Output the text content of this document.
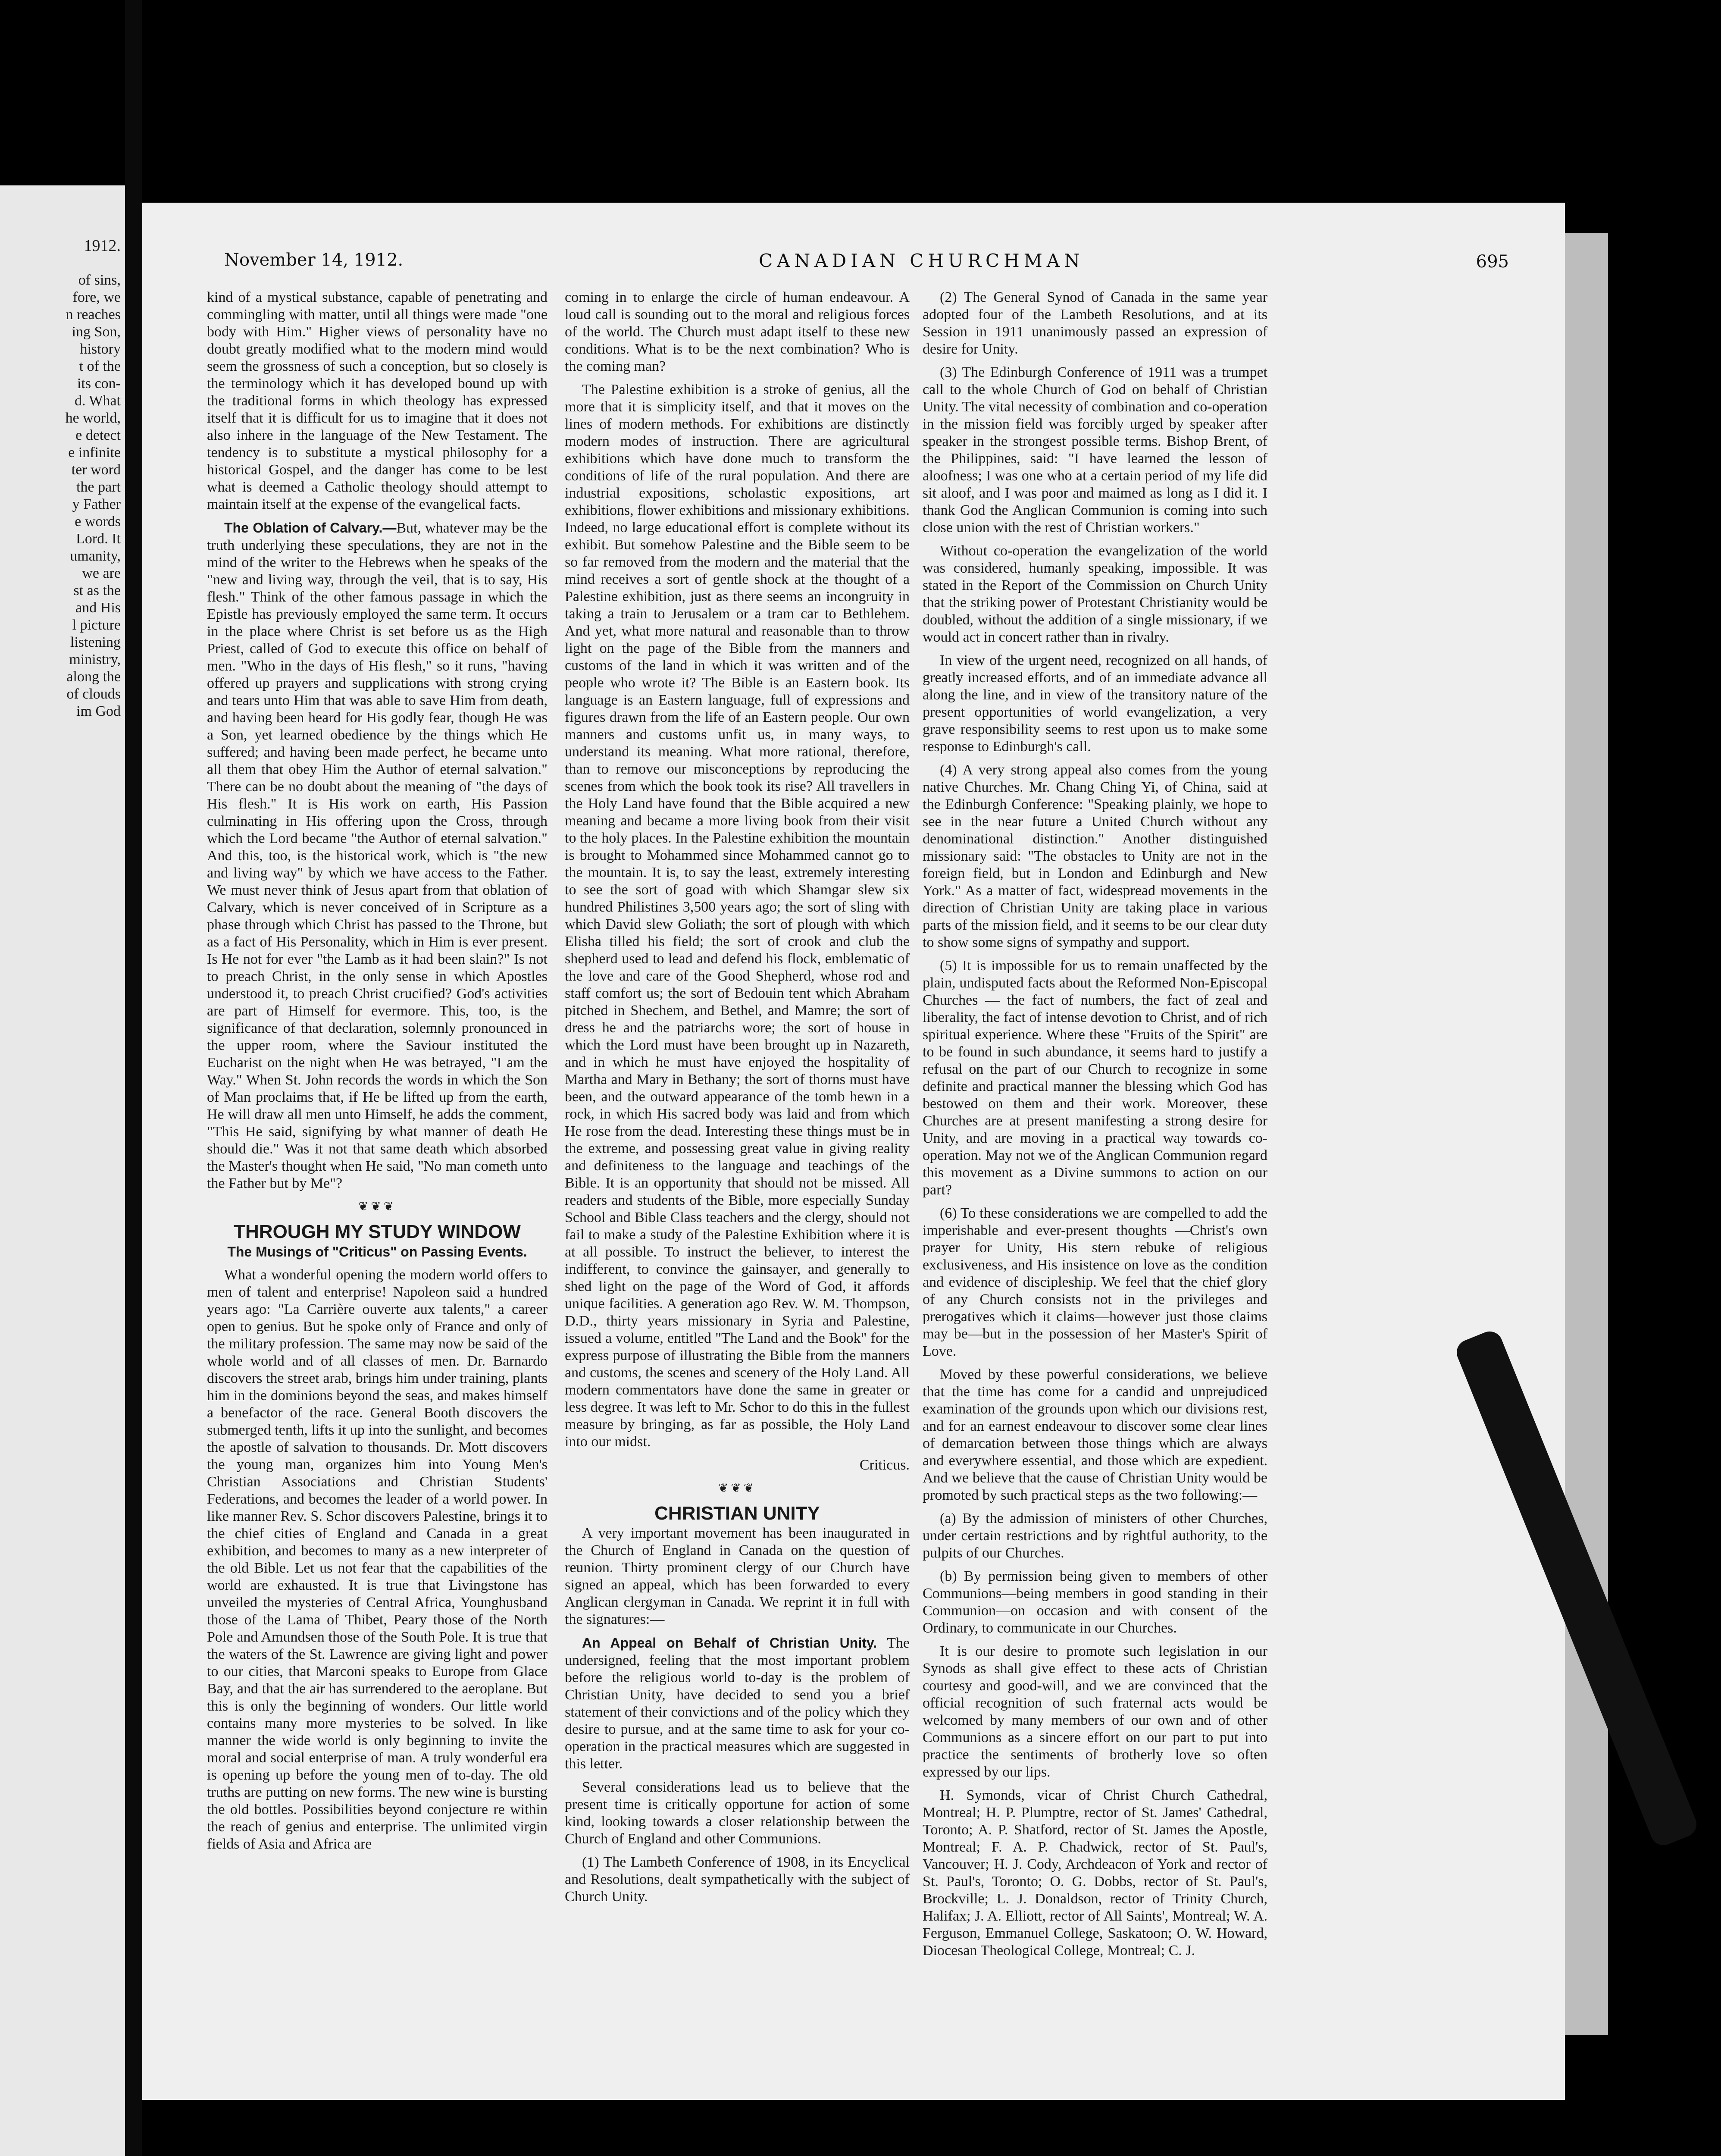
1912.
of sins,
fore, we
n reaches
ing Son,
history
t of the
its con-
d. What
he world,
e detect
e infinite
ter word
the part
y Father
e words
Lord. It
umanity,
we are
st as the
and His
l picture
listening
ministry,
along the
of clouds
im God
November 14, 1912.	CANADIAN CHURCHMAN	695

kind of a mystical substance, capable of penetrating and commingling with matter, until all things were made "one body with Him." Higher views of personality have no doubt greatly modified what to the modern mind would seem the grossness of such a conception, but so closely is the terminology which it has developed bound up with the traditional forms in which theology has expressed itself that it is difficult for us to imagine that it does not also inhere in the language of the New Testament. The tendency is to substitute a mystical philosophy for a historical Gospel, and the danger has come to be lest what is deemed a Catholic theology should attempt to maintain itself at the expense of the evangelical facts.

The Oblation of Calvary.—But, whatever may be the truth underlying these speculations, they are not in the mind of the writer to the Hebrews when he speaks of the "new and living way, through the veil, that is to say, His flesh." Think of the other famous passage in which the Epistle has previously employed the same term. It occurs in the place where Christ is set before us as the High Priest, called of God to execute this office on behalf of men. "Who in the days of His flesh," so it runs, "having offered up prayers and supplications with strong crying and tears unto Him that was able to save Him from death, and having been heard for His godly fear, though He was a Son, yet learned obedience by the things which He suffered; and having been made perfect, he became unto all them that obey Him the Author of eternal salvation." There can be no doubt about the meaning of "the days of His flesh." It is His work on earth, His Passion culminating in His offering upon the Cross, through which the Lord became "the Author of eternal salvation." And this, too, is the historical work, which is "the new and living way" by which we have access to the Father. We must never think of Jesus apart from that oblation of Calvary, which is never conceived of in Scripture as a phase through which Christ has passed to the Throne, but as a fact of His Personality, which in Him is ever present. Is He not for ever "the Lamb as it had been slain?" Is not to preach Christ, in the only sense in which Apostles understood it, to preach Christ crucified? God's activities are part of Himself for evermore. This, too, is the significance of that declaration, solemnly pronounced in the upper room, where the Saviour instituted the Eucharist on the night when He was betrayed, "I am the Way." When St. John records the words in which the Son of Man proclaims that, if He be lifted up from the earth, He will draw all men unto Himself, he adds the comment, "This He said, signifying by what manner of death He should die." Was it not that same death which absorbed the Master's thought when He said, "No man cometh unto the Father but by Me"?

❦❦❦
THROUGH MY STUDY WINDOW
The Musings of "Criticus" on Passing Events.

What a wonderful opening the modern world offers to men of talent and enterprise! Napoleon said a hundred years ago: "La Carrière ouverte aux talents," a career open to genius. But he spoke only of France and only of the military profession. The same may now be said of the whole world and of all classes of men. Dr. Barnardo discovers the street arab, brings him under training, plants him in the dominions beyond the seas, and makes himself a benefactor of the race. General Booth discovers the submerged tenth, lifts it up into the sunlight, and becomes the apostle of salvation to thousands. Dr. Mott discovers the young man, organizes him into Young Men's Christian Associations and Christian Students' Federations, and becomes the leader of a world power. In like manner Rev. S. Schor discovers Palestine, brings it to the chief cities of England and Canada in a great exhibition, and becomes to many as a new interpreter of the old Bible. Let us not fear that the capabilities of the world are exhausted. It is true that Livingstone has unveiled the mysteries of Central Africa, Younghusband those of the Lama of Thibet, Peary those of the North Pole and Amundsen those of the South Pole. It is true that the waters of the St. Lawrence are giving light and power to our cities, that Marconi speaks to Europe from Glace Bay, and that the air has surrendered to the aeroplane. But this is only the beginning of wonders. Our little world contains many more mysteries to be solved. In like manner the wide world is only beginning to invite the moral and social enterprise of man. A truly wonderful era is opening up before the young men of to-day. The old truths are putting on new forms. The new wine is bursting the old bottles. Possibilities beyond conjecture re within the reach of genius and enterprise. The unlimited virgin fields of Asia and Africa are

coming in to enlarge the circle of human endeavour. A loud call is sounding out to the moral and religious forces of the world. The Church must adapt itself to these new conditions. What is to be the next combination? Who is the coming man?

The Palestine exhibition is a stroke of genius, all the more that it is simplicity itself, and that it moves on the lines of modern methods. For exhibitions are distinctly modern modes of instruction. There are agricultural exhibitions which have done much to transform the conditions of life of the rural population. And there are industrial expositions, scholastic expositions, art exhibitions, flower exhibitions and missionary exhibitions. Indeed, no large educational effort is complete without its exhibit. But somehow Palestine and the Bible seem to be so far removed from the modern and the material that the mind receives a sort of gentle shock at the thought of a Palestine exhibition, just as there seems an incongruity in taking a train to Jerusalem or a tram car to Bethlehem. And yet, what more natural and reasonable than to throw light on the page of the Bible from the manners and customs of the land in which it was written and of the people who wrote it? The Bible is an Eastern book. Its language is an Eastern language, full of expressions and figures drawn from the life of an Eastern people. Our own manners and customs unfit us, in many ways, to understand its meaning. What more rational, therefore, than to remove our misconceptions by reproducing the scenes from which the book took its rise? All travellers in the Holy Land have found that the Bible acquired a new meaning and became a more living book from their visit to the holy places. In the Palestine exhibition the mountain is brought to Mohammed since Mohammed cannot go to the mountain. It is, to say the least, extremely interesting to see the sort of goad with which Shamgar slew six hundred Philistines 3,500 years ago; the sort of sling with which David slew Goliath; the sort of plough with which Elisha tilled his field; the sort of crook and club the shepherd used to lead and defend his flock, emblematic of the love and care of the Good Shepherd, whose rod and staff comfort us; the sort of Bedouin tent which Abraham pitched in Shechem, and Bethel, and Mamre; the sort of dress he and the patriarchs wore; the sort of house in which the Lord must have been brought up in Nazareth, and in which he must have enjoyed the hospitality of Martha and Mary in Bethany; the sort of thorns must have been, and the outward appearance of the tomb hewn in a rock, in which His sacred body was laid and from which He rose from the dead. Interesting these things must be in the extreme, and possessing great value in giving reality and definiteness to the language and teachings of the Bible. It is an opportunity that should not be missed. All readers and students of the Bible, more especially Sunday School and Bible Class teachers and the clergy, should not fail to make a study of the Palestine Exhibition where it is at all possible. To instruct the believer, to interest the indifferent, to convince the gainsayer, and generally to shed light on the page of the Word of God, it affords unique facilities. A generation ago Rev. W. M. Thompson, D.D., thirty years missionary in Syria and Palestine, issued a volume, entitled "The Land and the Book" for the express purpose of illustrating the Bible from the manners and customs, the scenes and scenery of the Holy Land. All modern commentators have done the same in greater or less degree. It was left to Mr. Schor to do this in the fullest measure by bringing, as far as possible, the Holy Land into our midst.

Criticus.
❦❦❦
CHRISTIAN UNITY

A very important movement has been inaugurated in the Church of England in Canada on the question of reunion. Thirty prominent clergy of our Church have signed an appeal, which has been forwarded to every Anglican clergyman in Canada. We reprint it in full with the signatures:—

An Appeal on Behalf of Christian Unity. The undersigned, feeling that the most important problem before the religious world to-day is the problem of Christian Unity, have decided to send you a brief statement of their convictions and of the policy which they desire to pursue, and at the same time to ask for your co-operation in the practical measures which are suggested in this letter.

Several considerations lead us to believe that the present time is critically opportune for action of some kind, looking towards a closer relationship between the Church of England and other Communions.

(1) The Lambeth Conference of 1908, in its Encyclical and Resolutions, dealt sympathetically with the subject of Church Unity.

(2) The General Synod of Canada in the same year adopted four of the Lambeth Resolutions, and at its Session in 1911 unanimously passed an expression of desire for Unity.

(3) The Edinburgh Conference of 1911 was a trumpet call to the whole Church of God on behalf of Christian Unity. The vital necessity of combination and co-operation in the mission field was forcibly urged by speaker after speaker in the strongest possible terms. Bishop Brent, of the Philippines, said: "I have learned the lesson of aloofness; I was one who at a certain period of my life did sit aloof, and I was poor and maimed as long as I did it. I thank God the Anglican Communion is coming into such close union with the rest of Christian workers."

Without co-operation the evangelization of the world was considered, humanly speaking, impossible. It was stated in the Report of the Commission on Church Unity that the striking power of Protestant Christianity would be doubled, without the addition of a single missionary, if we would act in concert rather than in rivalry.

In view of the urgent need, recognized on all hands, of greatly increased efforts, and of an immediate advance all along the line, and in view of the transitory nature of the present opportunities of world evangelization, a very grave responsibility seems to rest upon us to make some response to Edinburgh's call.

(4) A very strong appeal also comes from the young native Churches. Mr. Chang Ching Yi, of China, said at the Edinburgh Conference: "Speaking plainly, we hope to see in the near future a United Church without any denominational distinction." Another distinguished missionary said: "The obstacles to Unity are not in the foreign field, but in London and Edinburgh and New York." As a matter of fact, widespread movements in the direction of Christian Unity are taking place in various parts of the mission field, and it seems to be our clear duty to show some signs of sympathy and support.

(5) It is impossible for us to remain unaffected by the plain, undisputed facts about the Reformed Non-Episcopal Churches — the fact of numbers, the fact of zeal and liberality, the fact of intense devotion to Christ, and of rich spiritual experience. Where these "Fruits of the Spirit" are to be found in such abundance, it seems hard to justify a refusal on the part of our Church to recognize in some definite and practical manner the blessing which God has bestowed on them and their work. Moreover, these Churches are at present manifesting a strong desire for Unity, and are moving in a practical way towards co-operation. May not we of the Anglican Communion regard this movement as a Divine summons to action on our part?

(6) To these considerations we are compelled to add the imperishable and ever-present thoughts —Christ's own prayer for Unity, His stern rebuke of religious exclusiveness, and His insistence on love as the condition and evidence of discipleship. We feel that the chief glory of any Church consists not in the privileges and prerogatives which it claims—however just those claims may be—but in the possession of her Master's Spirit of Love.

Moved by these powerful considerations, we believe that the time has come for a candid and unprejudiced examination of the grounds upon which our divisions rest, and for an earnest endeavour to discover some clear lines of demarcation between those things which are always and everywhere essential, and those which are expedient. And we believe that the cause of Christian Unity would be promoted by such practical steps as the two following:—

(a) By the admission of ministers of other Churches, under certain restrictions and by rightful authority, to the pulpits of our Churches.

(b) By permission being given to members of other Communions—being members in good standing in their Communion—on occasion and with consent of the Ordinary, to communicate in our Churches.

It is our desire to promote such legislation in our Synods as shall give effect to these acts of Christian courtesy and good-will, and we are convinced that the official recognition of such fraternal acts would be welcomed by many members of our own and of other Communions as a sincere effort on our part to put into practice the sentiments of brotherly love so often expressed by our lips.

H. Symonds, vicar of Christ Church Cathedral, Montreal; H. P. Plumptre, rector of St. James' Cathedral, Toronto; A. P. Shatford, rector of St. James the Apostle, Montreal; F. A. P. Chadwick, rector of St. Paul's, Vancouver; H. J. Cody, Archdeacon of York and rector of St. Paul's, Toronto; O. G. Dobbs, rector of St. Paul's, Brockville; L. J. Donaldson, rector of Trinity Church, Halifax; J. A. Elliott, rector of All Saints', Montreal; W. A. Ferguson, Emmanuel College, Saskatoon; O. W. Howard, Diocesan Theological College, Montreal; C. J.
